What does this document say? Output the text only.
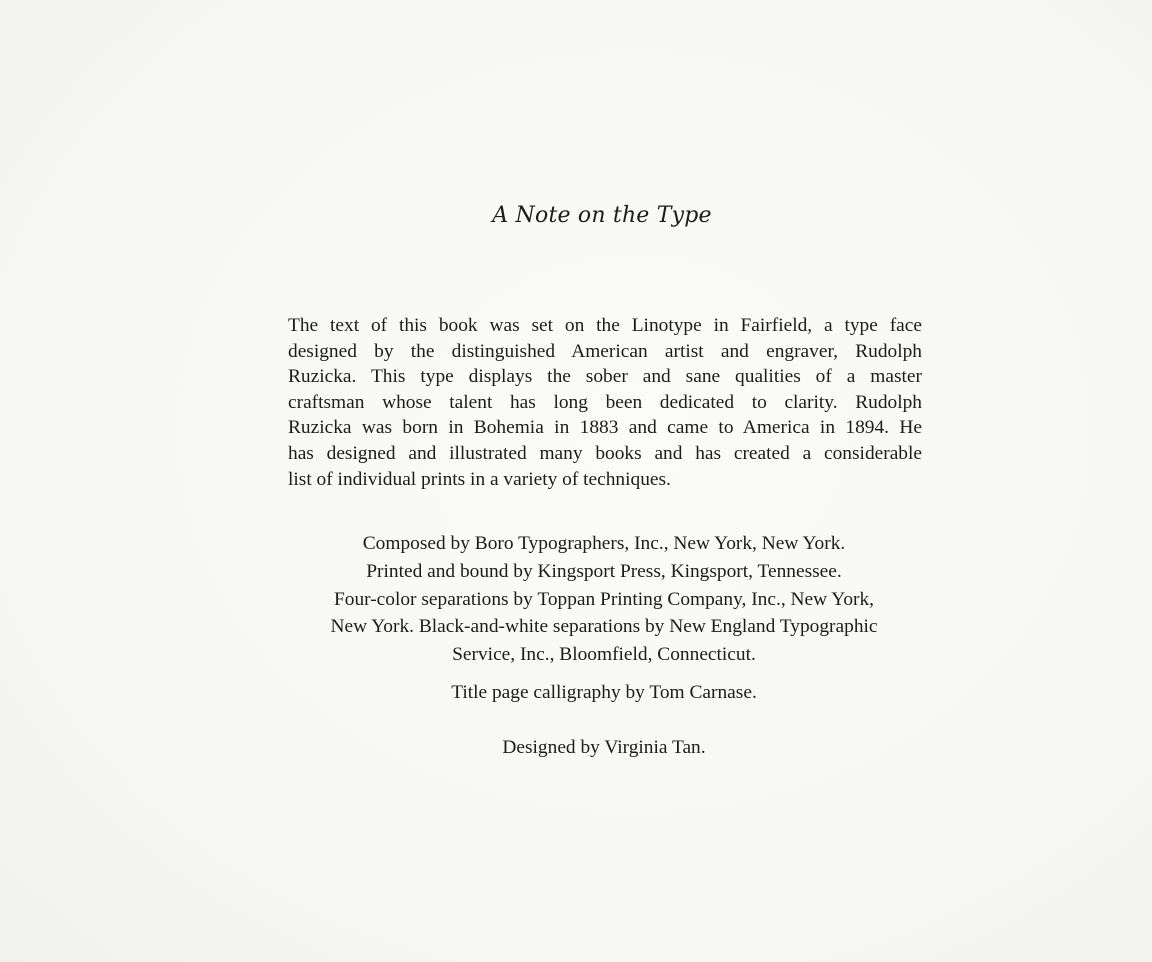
A Note on the Type

The text of this book was set on the Linotype in Fairfield, a type face
designed by the distinguished American artist and engraver, Rudolph
Ruzicka. This type displays the sober and sane qualities of a master
craftsman whose talent has long been dedicated to clarity. Rudolph
Ruzicka was born in Bohemia in 1883 and came to America in 1894. He
has designed and illustrated many books and has created a considerable
list of individual prints in a variety of techniques.

Composed by Boro Typographers, Inc., New York, New York.
Printed and bound by Kingsport Press, Kingsport, Tennessee.
Four-color separations by Toppan Printing Company, Inc., New York,
New York. Black-and-white separations by New England Typographic
Service, Inc., Bloomfield, Connecticut.

Title page calligraphy by Tom Carnase.

Designed by Virginia Tan.
